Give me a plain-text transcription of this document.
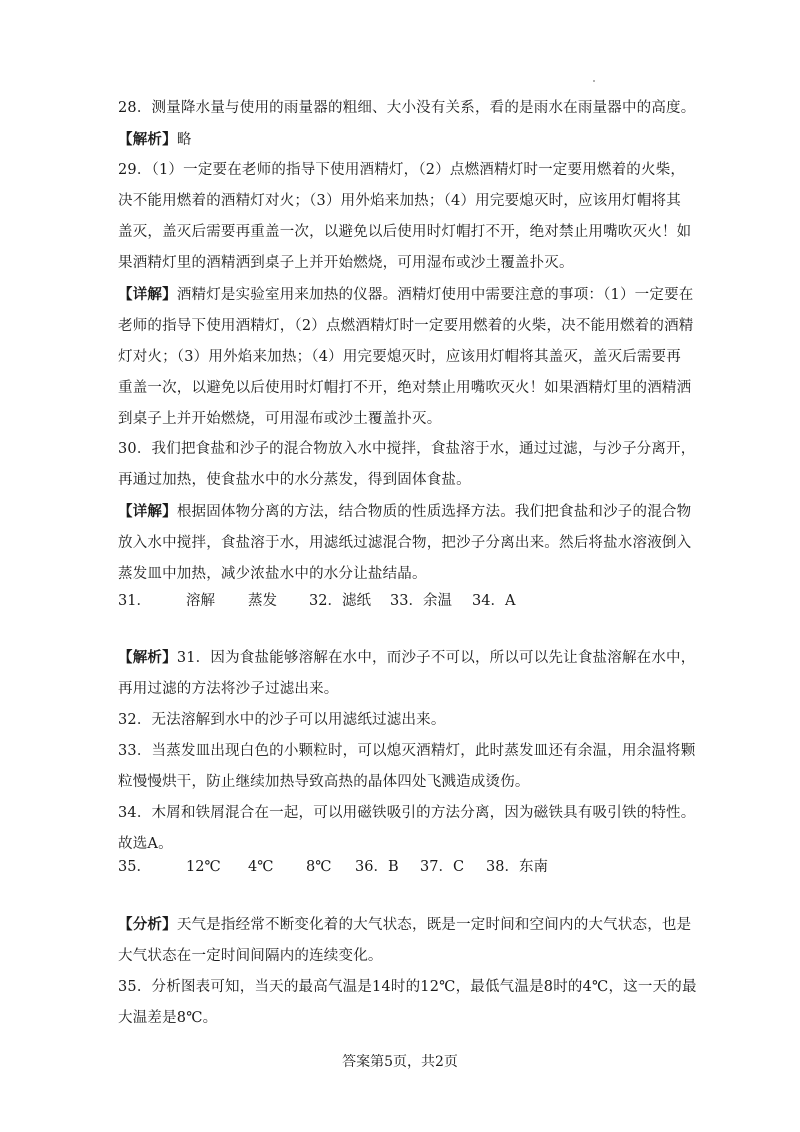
28．测量降水量与使用的雨量器的粗细、大小没有关系，看的是雨水在雨量器中的高度。
【解析】略
29．（1）一定要在老师的指导下使用酒精灯，（2）点燃酒精灯时一定要用燃着的火柴，
决不能用燃着的酒精灯对火；（3）用外焰来加热；（4）用完要熄灭时，应该用灯帽将其
盖灭，盖灭后需要再重盖一次，以避免以后使用时灯帽打不开，绝对禁止用嘴吹灭火！如
果酒精灯里的酒精洒到桌子上并开始燃烧，可用湿布或沙土覆盖扑灭。
【详解】酒精灯是实验室用来加热的仪器。酒精灯使用中需要注意的事项：（1）一定要在
老师的指导下使用酒精灯，（2）点燃酒精灯时一定要用燃着的火柴，决不能用燃着的酒精
灯对火；（3）用外焰来加热；（4）用完要熄灭时，应该用灯帽将其盖灭，盖灭后需要再
重盖一次，以避免以后使用时灯帽打不开，绝对禁止用嘴吹灭火！如果酒精灯里的酒精洒
到桌子上并开始燃烧，可用湿布或沙土覆盖扑灭。
30．我们把食盐和沙子的混合物放入水中搅拌，食盐溶于水，通过过滤，与沙子分离开，
再通过加热，使食盐水中的水分蒸发，得到固体食盐。
【详解】根据固体物分离的方法，结合物质的性质选择方法。我们把食盐和沙子的混合物
放入水中搅拌，食盐溶于水，用滤纸过滤混合物，把沙子分离出来。然后将盐水溶液倒入
蒸发皿中加热，减少浓盐水中的水分让盐结晶。
31． 溶解 蒸发 32．滤纸 33．余温 34．A
【解析】31．因为食盐能够溶解在水中，而沙子不可以，所以可以先让食盐溶解在水中，
再用过滤的方法将沙子过滤出来。
32．无法溶解到水中的沙子可以用滤纸过滤出来。
33．当蒸发皿出现白色的小颗粒时，可以熄灭酒精灯，此时蒸发皿还有余温，用余温将颗
粒慢慢烘干，防止继续加热导致高热的晶体四处飞溅造成烫伤。
34．木屑和铁屑混合在一起，可以用磁铁吸引的方法分离，因为磁铁具有吸引铁的特性。
故选A。
35． 12℃ 4℃ 8℃ 36．B 37．C 38．东南
【分析】天气是指经常不断变化着的大气状态，既是一定时间和空间内的大气状态，也是
大气状态在一定时间间隔内的连续变化。
35．分析图表可知，当天的最高气温是14时的12℃，最低气温是8时的4℃，这一天的最
大温差是8℃。
答案第5页，共2页
